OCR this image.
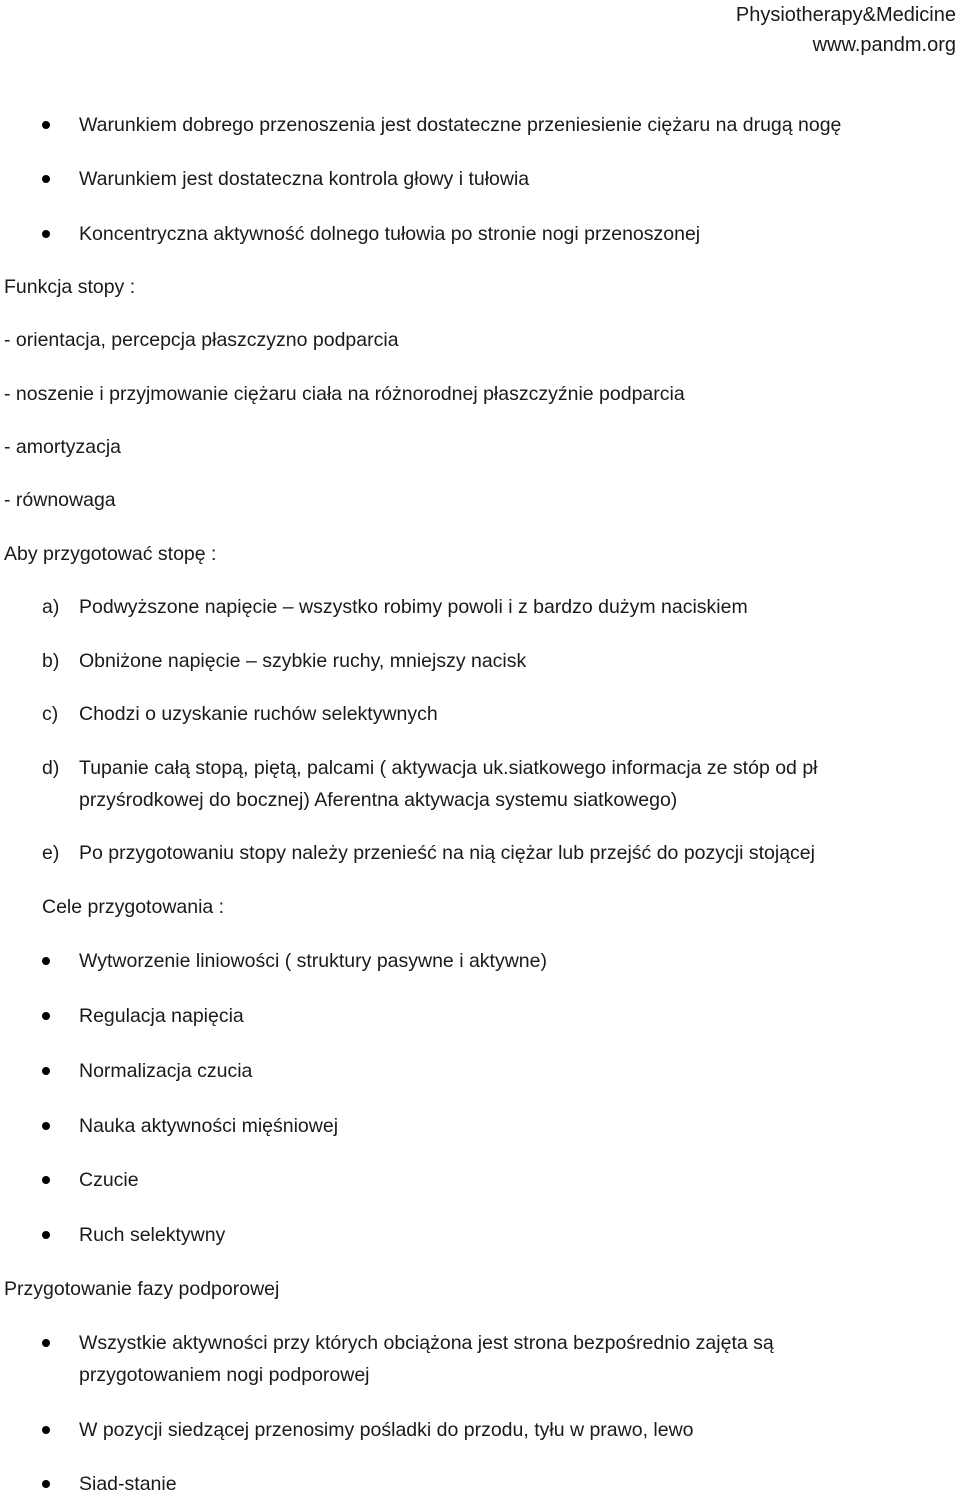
Physiotherapy&Medicine
www.pandm.org
Warunkiem dobrego przenoszenia jest dostateczne przeniesienie ciężaru na drugą nogę
Warunkiem jest dostateczna kontrola głowy i tułowia
Koncentryczna aktywność dolnego tułowia po stronie nogi przenoszonej
Funkcja stopy :
- orientacja, percepcja płaszczyzno podparcia
- noszenie i przyjmowanie ciężaru ciała na różnorodnej płaszczyźnie podparcia
- amortyzacja
- równowaga
Aby przygotować stopę :
a) Podwyższone napięcie – wszystko robimy powoli i z bardzo dużym naciskiem
b) Obniżone napięcie – szybkie ruchy, mniejszy nacisk
c) Chodzi o uzyskanie ruchów selektywnych
d) Tupanie całą stopą, piętą, palcami ( aktywacja uk.siatkowego informacja ze stóp od pł
przyśrodkowej do bocznej) Aferentna aktywacja systemu siatkowego)
e) Po przygotowaniu stopy należy przenieść na nią ciężar lub przejść do pozycji stojącej
Cele przygotowania :
Wytworzenie liniowości ( struktury pasywne i aktywne)
Regulacja napięcia
Normalizacja czucia
Nauka aktywności mięśniowej
Czucie
Ruch selektywny
Przygotowanie fazy podporowej
Wszystkie aktywności przy których obciążona jest strona bezpośrednio zajęta są
przygotowaniem nogi podporowej
W pozycji siedzącej przenosimy pośladki do przodu, tyłu w prawo, lewo
Siad-stanie
